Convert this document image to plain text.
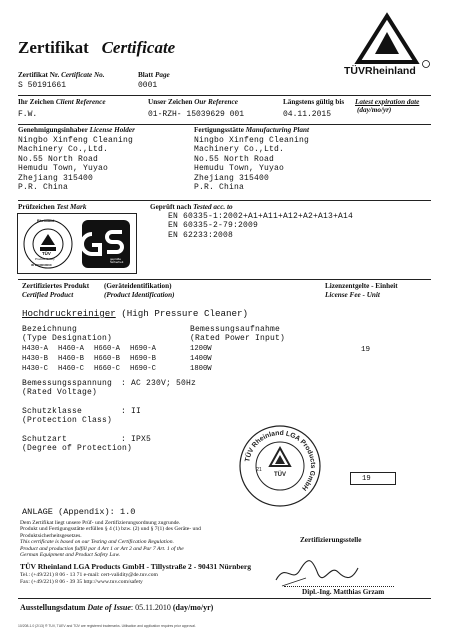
Zertifikat Certificate
TÜVRheinland
Zertifikat Nr. Certificate No.
S 50191661
Blatt Page
0001
Ihr Zeichen Client Reference
F.W.
Unser Zeichen Our Reference
01-RZH- 15039629 001
Längstens gültig bis
04.11.2015
Latest expiration date
(day/mo/yr)
Genehmigungsinhaber License Holder
Ningbo Xinfeng Cleaning
Machinery Co.,Ltd.
No.55 North Road
Hemudu Town, Yuyao
Zhejiang 315400
P.R. China
Fertigungsstätte Manufacturing Plant
Ningbo Xinfeng Cleaning
Machinery Co.,Ltd.
No.55 North Road
Hemudu Town, Yuyao
Zhejiang 315400
P.R. China
Prüfzeichen Test Mark
Rheinland
TÜV
Product Safety
ID 2000000000
geprüfte Sicherheit
Geprüft nach Tested acc. to
EN 60335-1:2002+A1+A11+A12+A2+A13+A14
EN 60335-2-79:2009
EN 62233:2008
Zertifiziertes Produkt
Certified Product
(Geräteidentifikation)
(Product Identification)
Lizenzentgelte - Einheit
License Fee - Unit
Hochdruckreiniger (High Pressure Cleaner)
Bezeichnung
(Type Designation)
Bemessungsaufnahme
(Rated Power Input)
H430-A H460-A H660-A H690-A	1200W
H430-B H460-B H660-B H690-B	1400W
H430-C H460-C H660-C H690-C	1800W
19
Bemessungsspannung
(Rated Voltage)
: AC 230V; 50Hz
Schutzklasse
(Protection Class)
: II
Schutzart
(Degree of Protection)
: IPX5
TÜV Rheinland LGA Products GmbH
TÜV
21
19
ANLAGE (Appendix): 1.0
Dem Zertifikat liegt unsere Prüf- und Zertifizierungsordnung zugrunde.
Produkt und Fertigungsstätte erfüllen § 4 (1) bzw. (2) und § 7(1) des Geräte- und
Produktsicherheitsgesetzes.
This certificate is based on our Testing and Certification Regulation.
Product and production fulfill par 4 Art 1 or Art 2 and Par 7 Art. 1 of the
German Equipment and Product Safety Law.
Zertifizierungsstelle
TÜV Rheinland LGA Products GmbH - Tillystraße 2 - 90431 Nürnberg
Tel.: (+49/221) 8 06 - 13 71 e-mail: cert-validity@de.tuv.com
Fax: (+49/221) 8 06 - 39 35 http://www.tuv.com/safety
Dipl.-Ing. Matthias Grzam
Ausstellungsdatum Date of Issue: 05.11.2010 (day/mo/yr)
10/208-1.0 (2/13) ® TUV, TUEV and TÜV are registered trademarks. Utilisation and application requires prior approval.
